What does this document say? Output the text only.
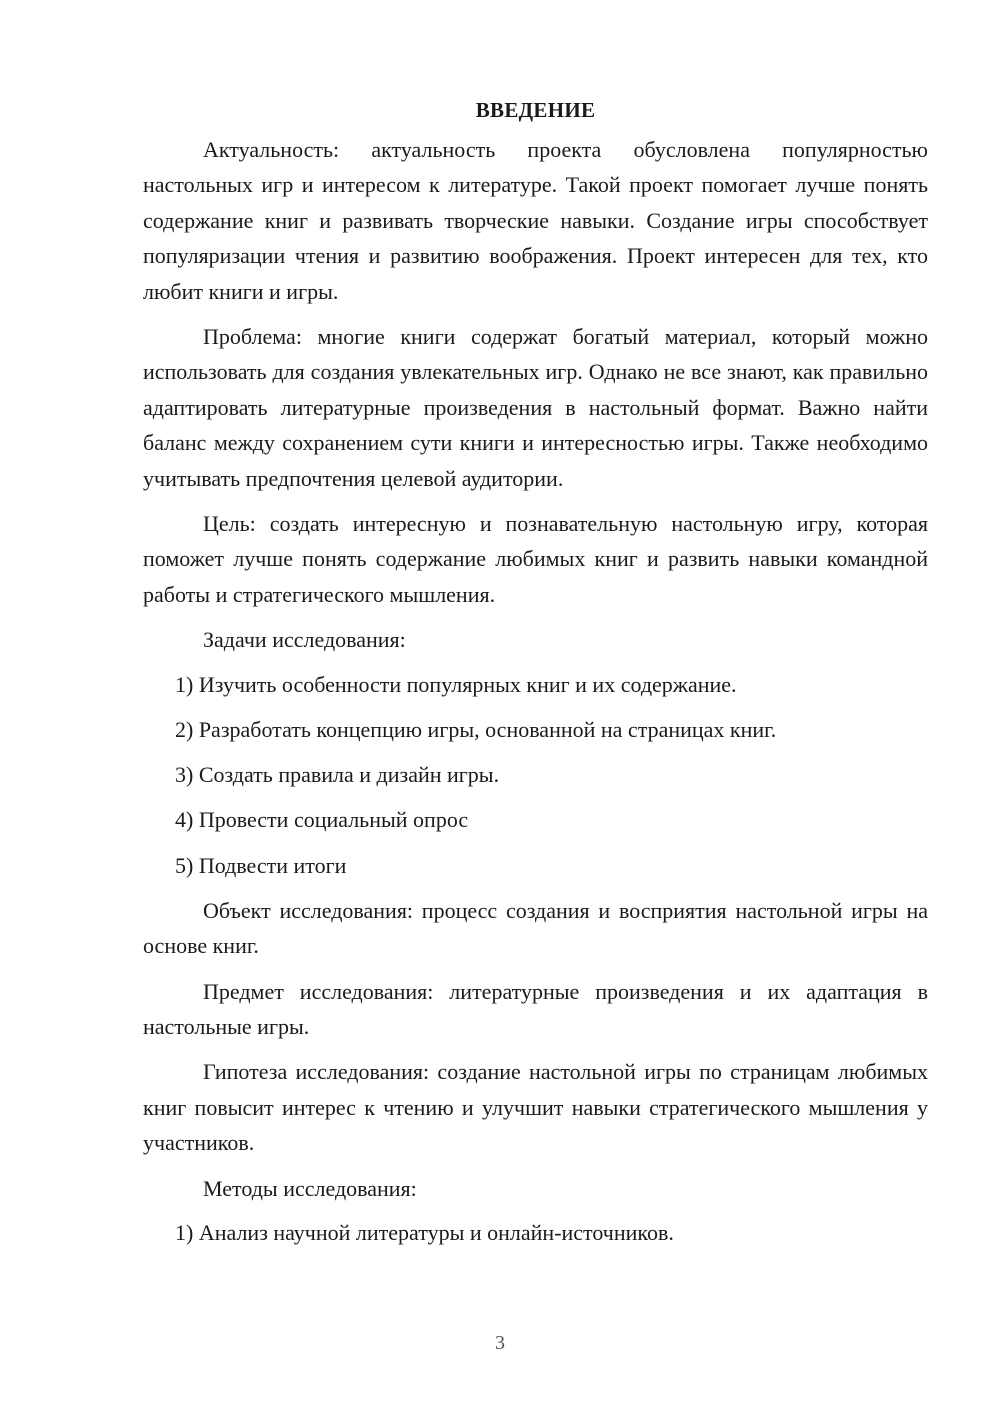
ВВЕДЕНИЕ

Актуальность: актуальность проекта обусловлена популярностью настольных игр и интересом к литературе. Такой проект помогает лучше понять содержание книг и развивать творческие навыки. Создание игры способствует популяризации чтения и развитию воображения. Проект интересен для тех, кто любит книги и игры.

Проблема: многие книги содержат богатый материал, который можно использовать для создания увлекательных игр. Однако не все знают, как правильно адаптировать литературные произведения в настольный формат. Важно найти баланс между сохранением сути книги и интересностью игры. Также необходимо учитывать предпочтения целевой аудитории.

Цель: создать интересную и познавательную настольную игру, которая поможет лучше понять содержание любимых книг и развить навыки командной работы и стратегического мышления.

Задачи исследования:
1) Изучить особенности популярных книг и их содержание.
2) Разработать концепцию игры, основанной на страницах книг.
3) Создать правила и дизайн игры.
4) Провести социальный опрос
5) Подвести итоги

Объект исследования: процесс создания и восприятия настольной игры на основе книг.

Предмет исследования: литературные произведения и их адаптация в настольные игры.

Гипотеза исследования: создание настольной игры по страницам любимых книг повысит интерес к чтению и улучшит навыки стратегического мышления у участников.

Методы исследования:
1) Анализ научной литературы и онлайн-источников.
3
